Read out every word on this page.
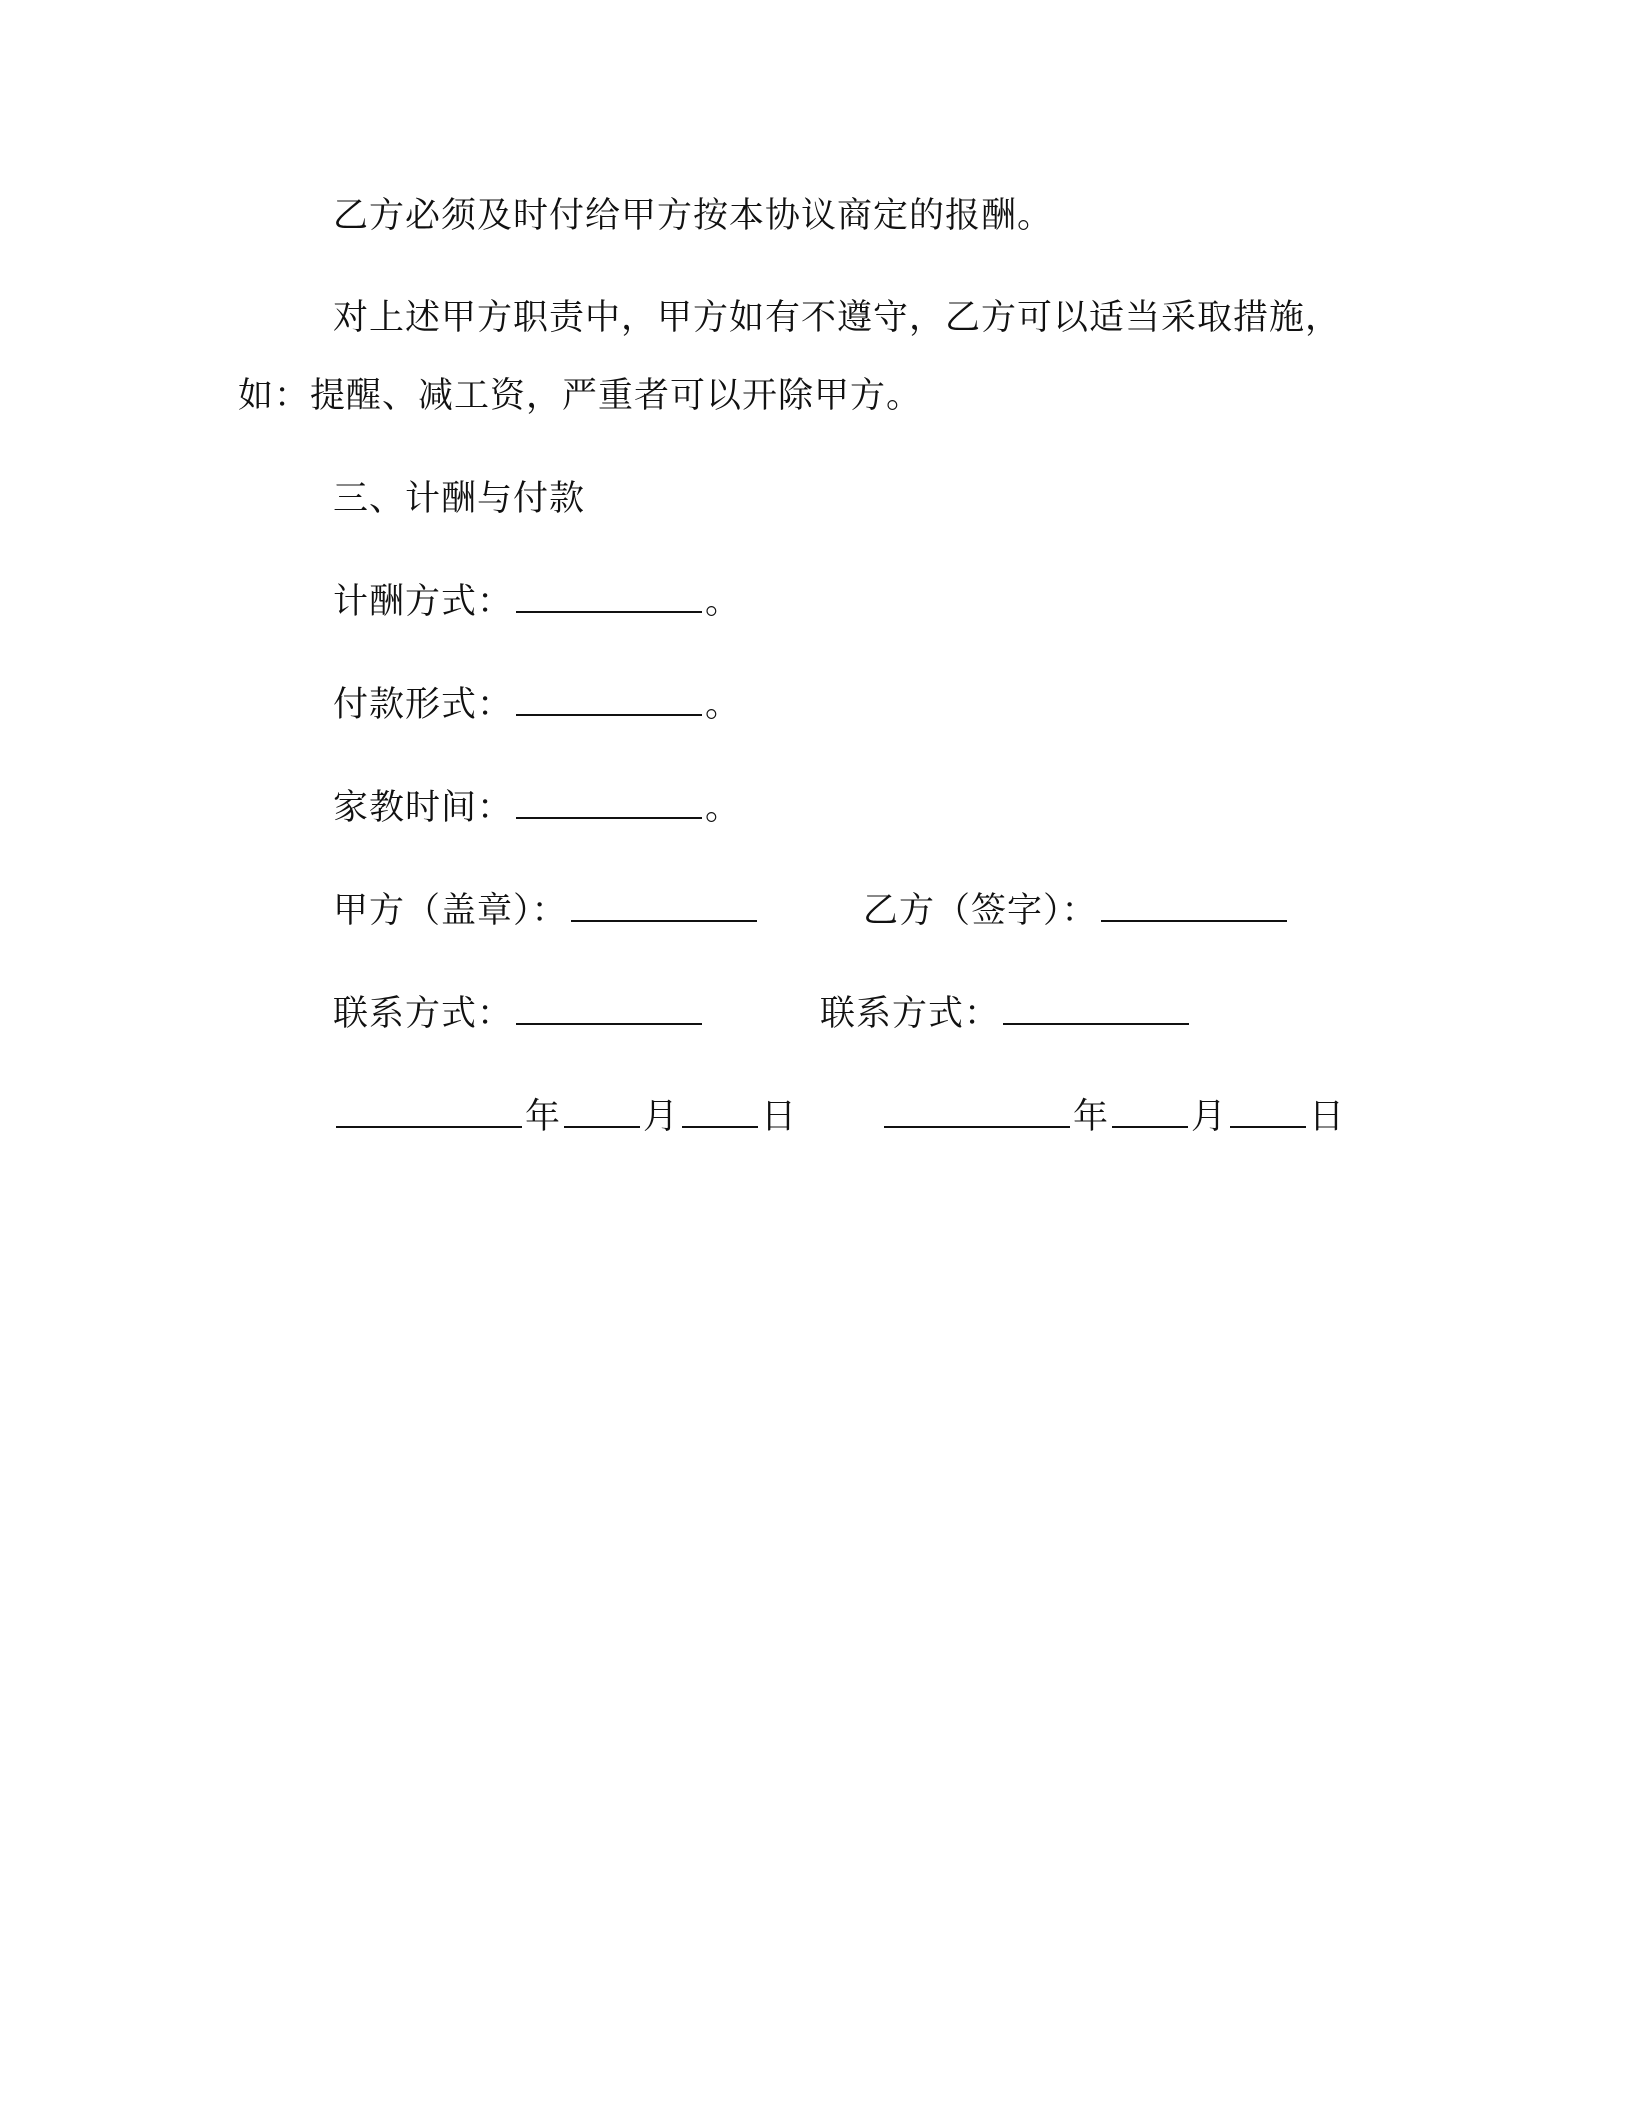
乙方必须及时付给甲方按本协议商定的报酬。
对上述甲方职责中，甲方如有不遵守，乙方可以适当采取措施，
如：提醒、减工资，严重者可以开除甲方。
三、计酬与付款
计酬方式：	。
付款形式：	。
家教时间：	。
甲方（盖章）：	乙方（签字）：
联系方式：	联系方式：
年 月 日	年 月 日
